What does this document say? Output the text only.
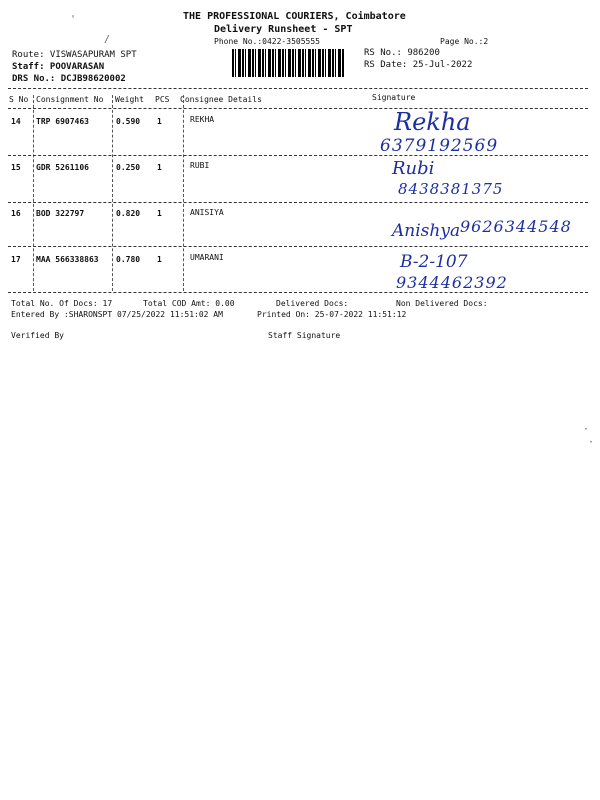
THE PROFESSIONAL COURIERS, Coimbatore
Delivery Runsheet - SPT
Phone No.:0422-3505555	Page No.:2
Route: VISWASAPURAM SPT
Staff: POOVARASAN
DRS No.: DCJB98620002
RS No.: 986200
RS Date: 25-Jul-2022
'
/
S No Consignment No Weight PCS Consignee Details	Signature
14 TRP 6907463	0.590 1	REKHA	Rekha
6379192569
15 GDR 5261106	0.250 1	RUBI	Rubi
8438381375
16 BOD 322797	0.820 1	ANISIYA
Anishya 9626344548
17 MAA 566338863 0.780 1	UMARANI	B-2-107
9344462392
Total No. Of Docs: 17	Total COD Amt: 0.00	Delivered Docs:	Non Delivered Docs:
Entered By :SHARONSPT 07/25/2022 11:51:02 AM	Printed On: 25-07-2022 11:51:12
Verified By	Staff Signature
·
·
